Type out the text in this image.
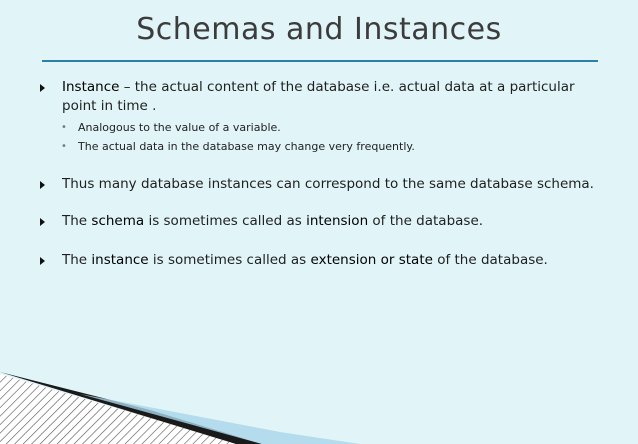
Schemas and Instances
Instance – the actual content of the database i.e. actual data at a particular point in time .
• Analogous to the value of a variable.
• The actual data in the database may change very frequently.
Thus many database instances can correspond to the same database schema.
The schema is sometimes called as intension of the database.
The instance is sometimes called as extension or state of the database.
